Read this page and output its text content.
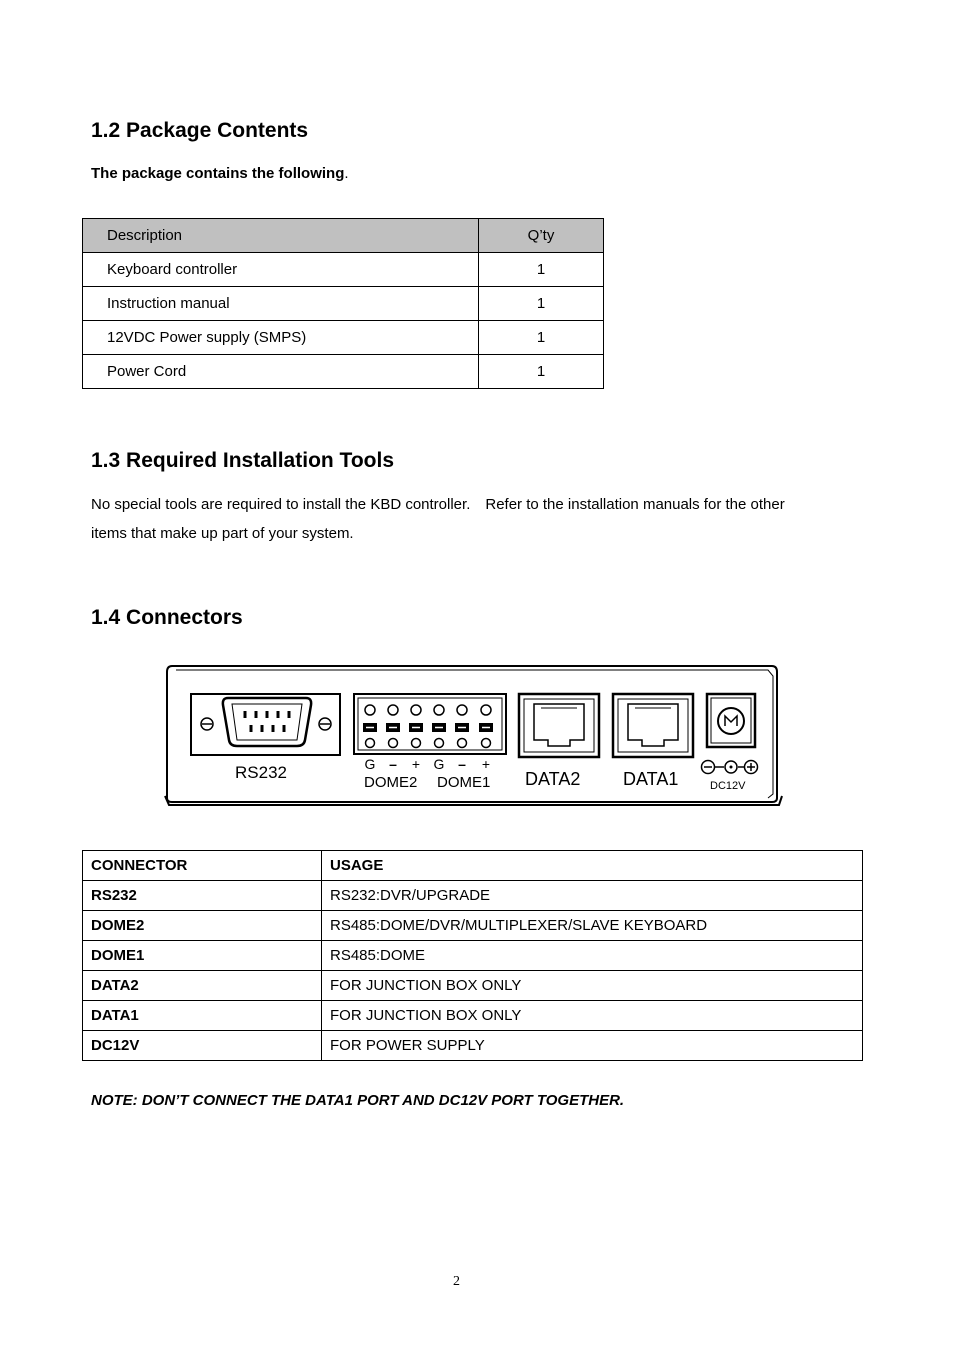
1.2 Package Contents
The package contains the following.
Description	Q’ty
Keyboard controller	1
Instruction manual	1
12VDC Power supply (SMPS)	1
Power Cord	1
1.3 Required Installation Tools
No special tools are required to install the KBD controller. Refer to the installation manuals for the other
items that make up part of your system.
1.4 Connectors
RS232	G – + G – +
DOME2 DOME1 DATA2 DATA1	DC12V
CONNECTOR	USAGE
RS232	RS232:DVR/UPGRADE
DOME2	RS485:DOME/DVR/MULTIPLEXER/SLAVE KEYBOARD
DOME1	RS485:DOME
DATA2	FOR JUNCTION BOX ONLY
DATA1	FOR JUNCTION BOX ONLY
DC12V	FOR POWER SUPPLY
NOTE: DON’T CONNECT THE DATA1 PORT AND DC12V PORT TOGETHER.
2
